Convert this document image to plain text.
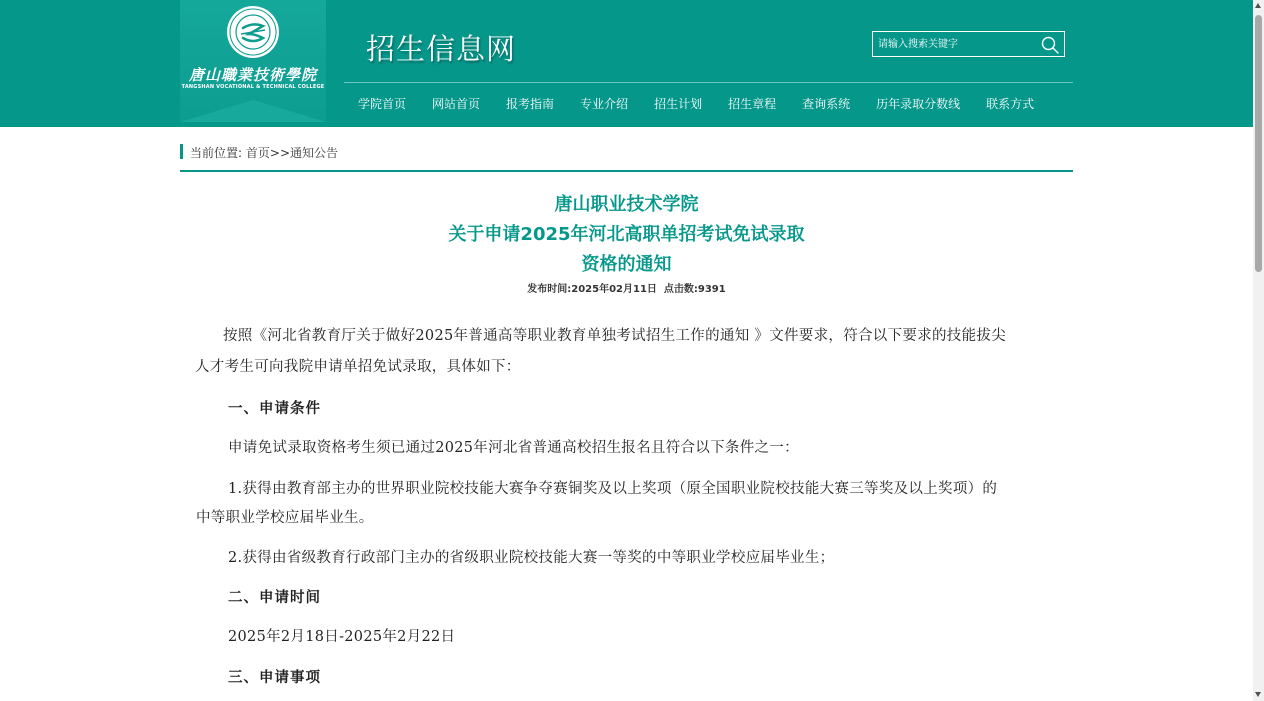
唐山職業技術學院
TANGSHAN VOCATIONAL & TECHNICAL COLLEGE
招生信息网
请输入搜索关键字
学院首页 网站首页 报考指南 专业介绍 招生计划 招生章程 查询系统 历年录取分数线 联系方式
当前位置: 首页>>通知公告
唐山职业技术学院
关于申请2025年河北高职单招考试免试录取
资格的通知
发布时间:2025年02月11日 点击数:9391
按照《河北省教育厅关于做好2025年普通高等职业教育单独考试招生工作的通知 》文件要求，符合以下要求的技能拔尖
人才考生可向我院申请单招免试录取，具体如下：
一、申请条件
申请免试录取资格考生须已通过2025年河北省普通高校招生报名且符合以下条件之一：
1.获得由教育部主办的世界职业院校技能大赛争夺赛铜奖及以上奖项（原全国职业院校技能大赛三等奖及以上奖项）的
中等职业学校应届毕业生。
2.获得由省级教育行政部门主办的省级职业院校技能大赛一等奖的中等职业学校应届毕业生；
二、申请时间
2025年2月18日-2025年2月22日
三、申请事项
